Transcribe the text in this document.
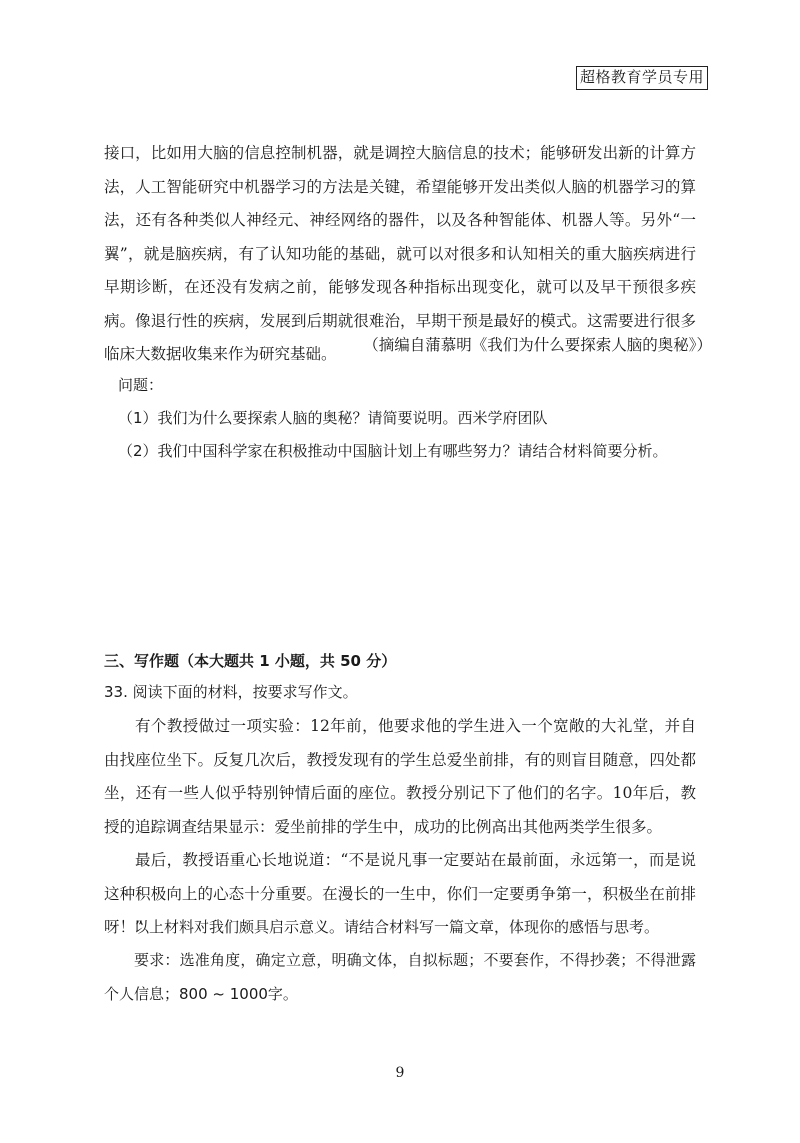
超格教育学员专用

接口，比如用大脑的信息控制机器，就是调控大脑信息的技术；能够研发出新的计算方法，人工智能研究中机器学习的方法是关键，希望能够开发出类似人脑的机器学习的算法，还有各种类似人神经元、神经网络的器件，以及各种智能体、机器人等。另外“一翼”，就是脑疾病，有了认知功能的基础，就可以对很多和认知相关的重大脑疾病进行早期诊断，在还没有发病之前，能够发现各种指标出现变化，就可以及早干预很多疾病。像退行性的疾病，发展到后期就很难治，早期干预是最好的模式。这需要进行很多临床大数据收集来作为研究基础。	（摘编自蒲慕明《我们为什么要探索人脑的奥秘》）

问题：

（1）我们为什么要探索人脑的奥秘？请简要说明。西米学府团队

（2）我们中国科学家在积极推动中国脑计划上有哪些努力？请结合材料简要分析。

三、写作题（本大题共 1 小题，共 50 分）

33. 阅读下面的材料，按要求写作文。

有个教授做过一项实验：12年前，他要求他的学生进入一个宽敞的大礼堂，并自由找座位坐下。反复几次后，教授发现有的学生总爱坐前排，有的则盲目随意，四处都坐，还有一些人似乎特别钟情后面的座位。教授分别记下了他们的名字。10年后，教授的追踪调查结果显示：爱坐前排的学生中，成功的比例高出其他两类学生很多。

最后，教授语重心长地说道：“不是说凡事一定要站在最前面，永远第一，而是说这种积极向上的心态十分重要。在漫长的一生中，你们一定要勇争第一，积极坐在前排呀！”

以上材料对我们颇具启示意义。请结合材料写一篇文章，体现你的感悟与思考。

要求：选准角度，确定立意，明确文体，自拟标题；不要套作，不得抄袭；不得泄露个人信息；800 ~ 1000字。

9
